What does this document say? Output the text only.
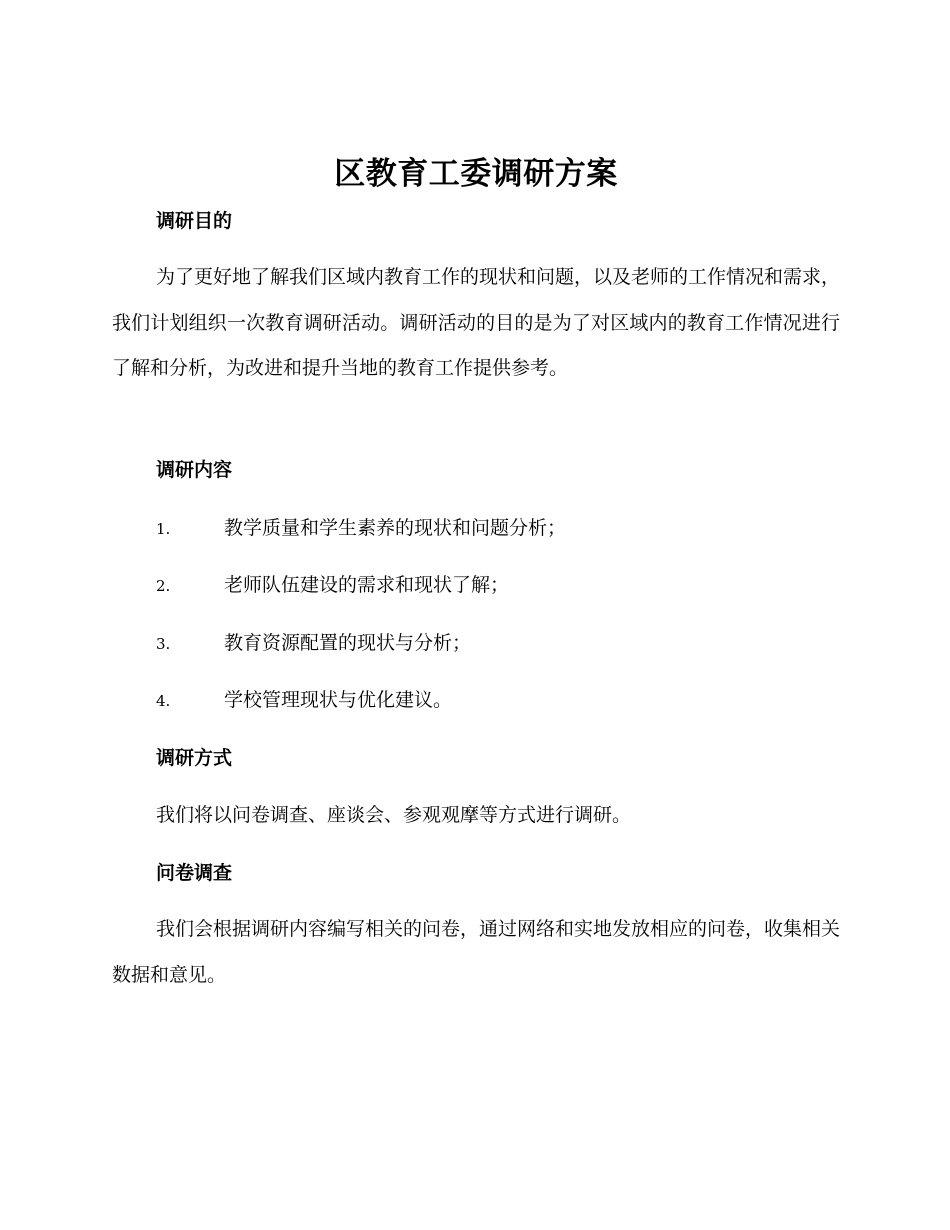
区教育工委调研方案
调研目的
为了更好地了解我们区域内教育工作的现状和问题，以及老师的工作情况和需求，我们计划组织一次教育调研活动。调研活动的目的是为了对区域内的教育工作情况进行了解和分析，为改进和提升当地的教育工作提供参考。
调研内容
1.	教学质量和学生素养的现状和问题分析；
2.	老师队伍建设的需求和现状了解；
3.	教育资源配置的现状与分析；
4.	学校管理现状与优化建议。
调研方式
我们将以问卷调查、座谈会、参观观摩等方式进行调研。
问卷调查
我们会根据调研内容编写相关的问卷，通过网络和实地发放相应的问卷，收集相关数据和意见。
